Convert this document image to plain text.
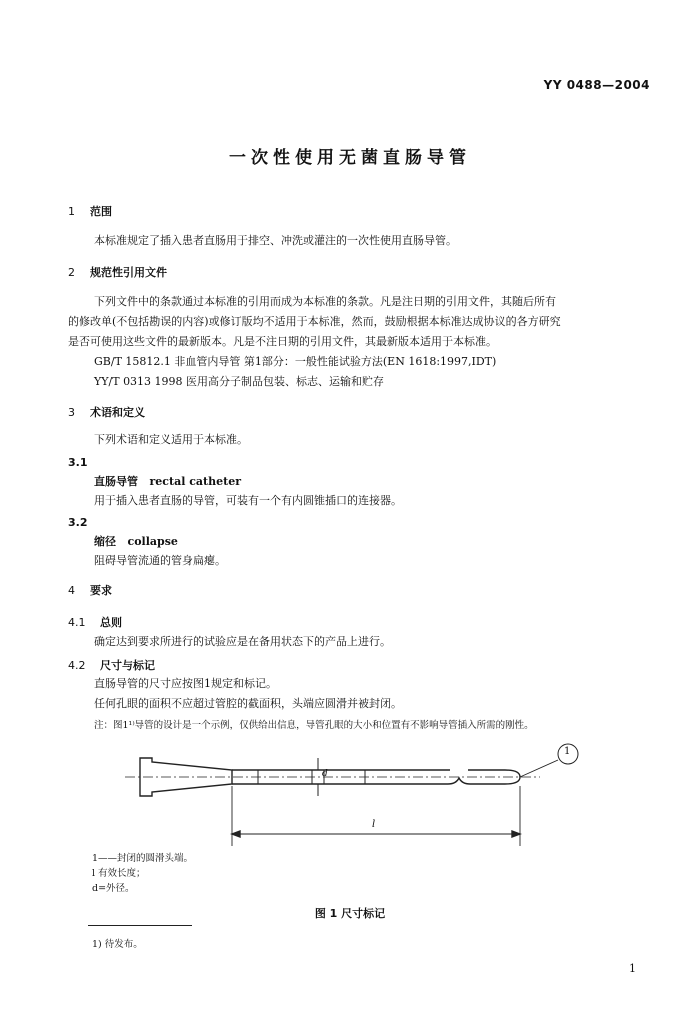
YY 0488—2004
一次性使用无菌直肠导管
1 范围
本标准规定了插入患者直肠用于排空、冲洗或灌注的一次性使用直肠导管。
2 规范性引用文件
下列文件中的条款通过本标准的引用而成为本标准的条款。凡是注日期的引用文件，其随后所有
的修改单(不包括勘误的内容)或修订版均不适用于本标准，然而，鼓励根据本标准达成协议的各方研究
是否可使用这些文件的最新版本。凡是不注日期的引用文件，其最新版本适用于本标准。
GB/T 15812.1 非血管内导管 第1部分：一般性能试验方法(EN 1618:1997,IDT)
YY/T 0313 1998 医用高分子制品包装、标志、运输和贮存
3 术语和定义
下列术语和定义适用于本标准。
3.1
直肠导管 rectal catheter
用于插入患者直肠的导管，可装有一个有内圆锥插口的连接器。
3.2
缩径 collapse
阻碍导管流通的管身扁瘪。
4 要求
4.1 总则
确定达到要求所进行的试验应是在备用状态下的产品上进行。
4.2 尺寸与标记
直肠导管的尺寸应按图1规定和标记。
任何孔眼的面积不应超过管腔的截面积，头端应圆滑并被封闭。
注：图1¹⁾导管的设计是一个示例，仅供给出信息，导管孔眼的大小和位置有不影响导管插入所需的刚性。
1
l
d
1——封闭的圆滑头端。
l 有效长度；
d=外径。
图 1 尺寸标记
1) 待发布。
1
